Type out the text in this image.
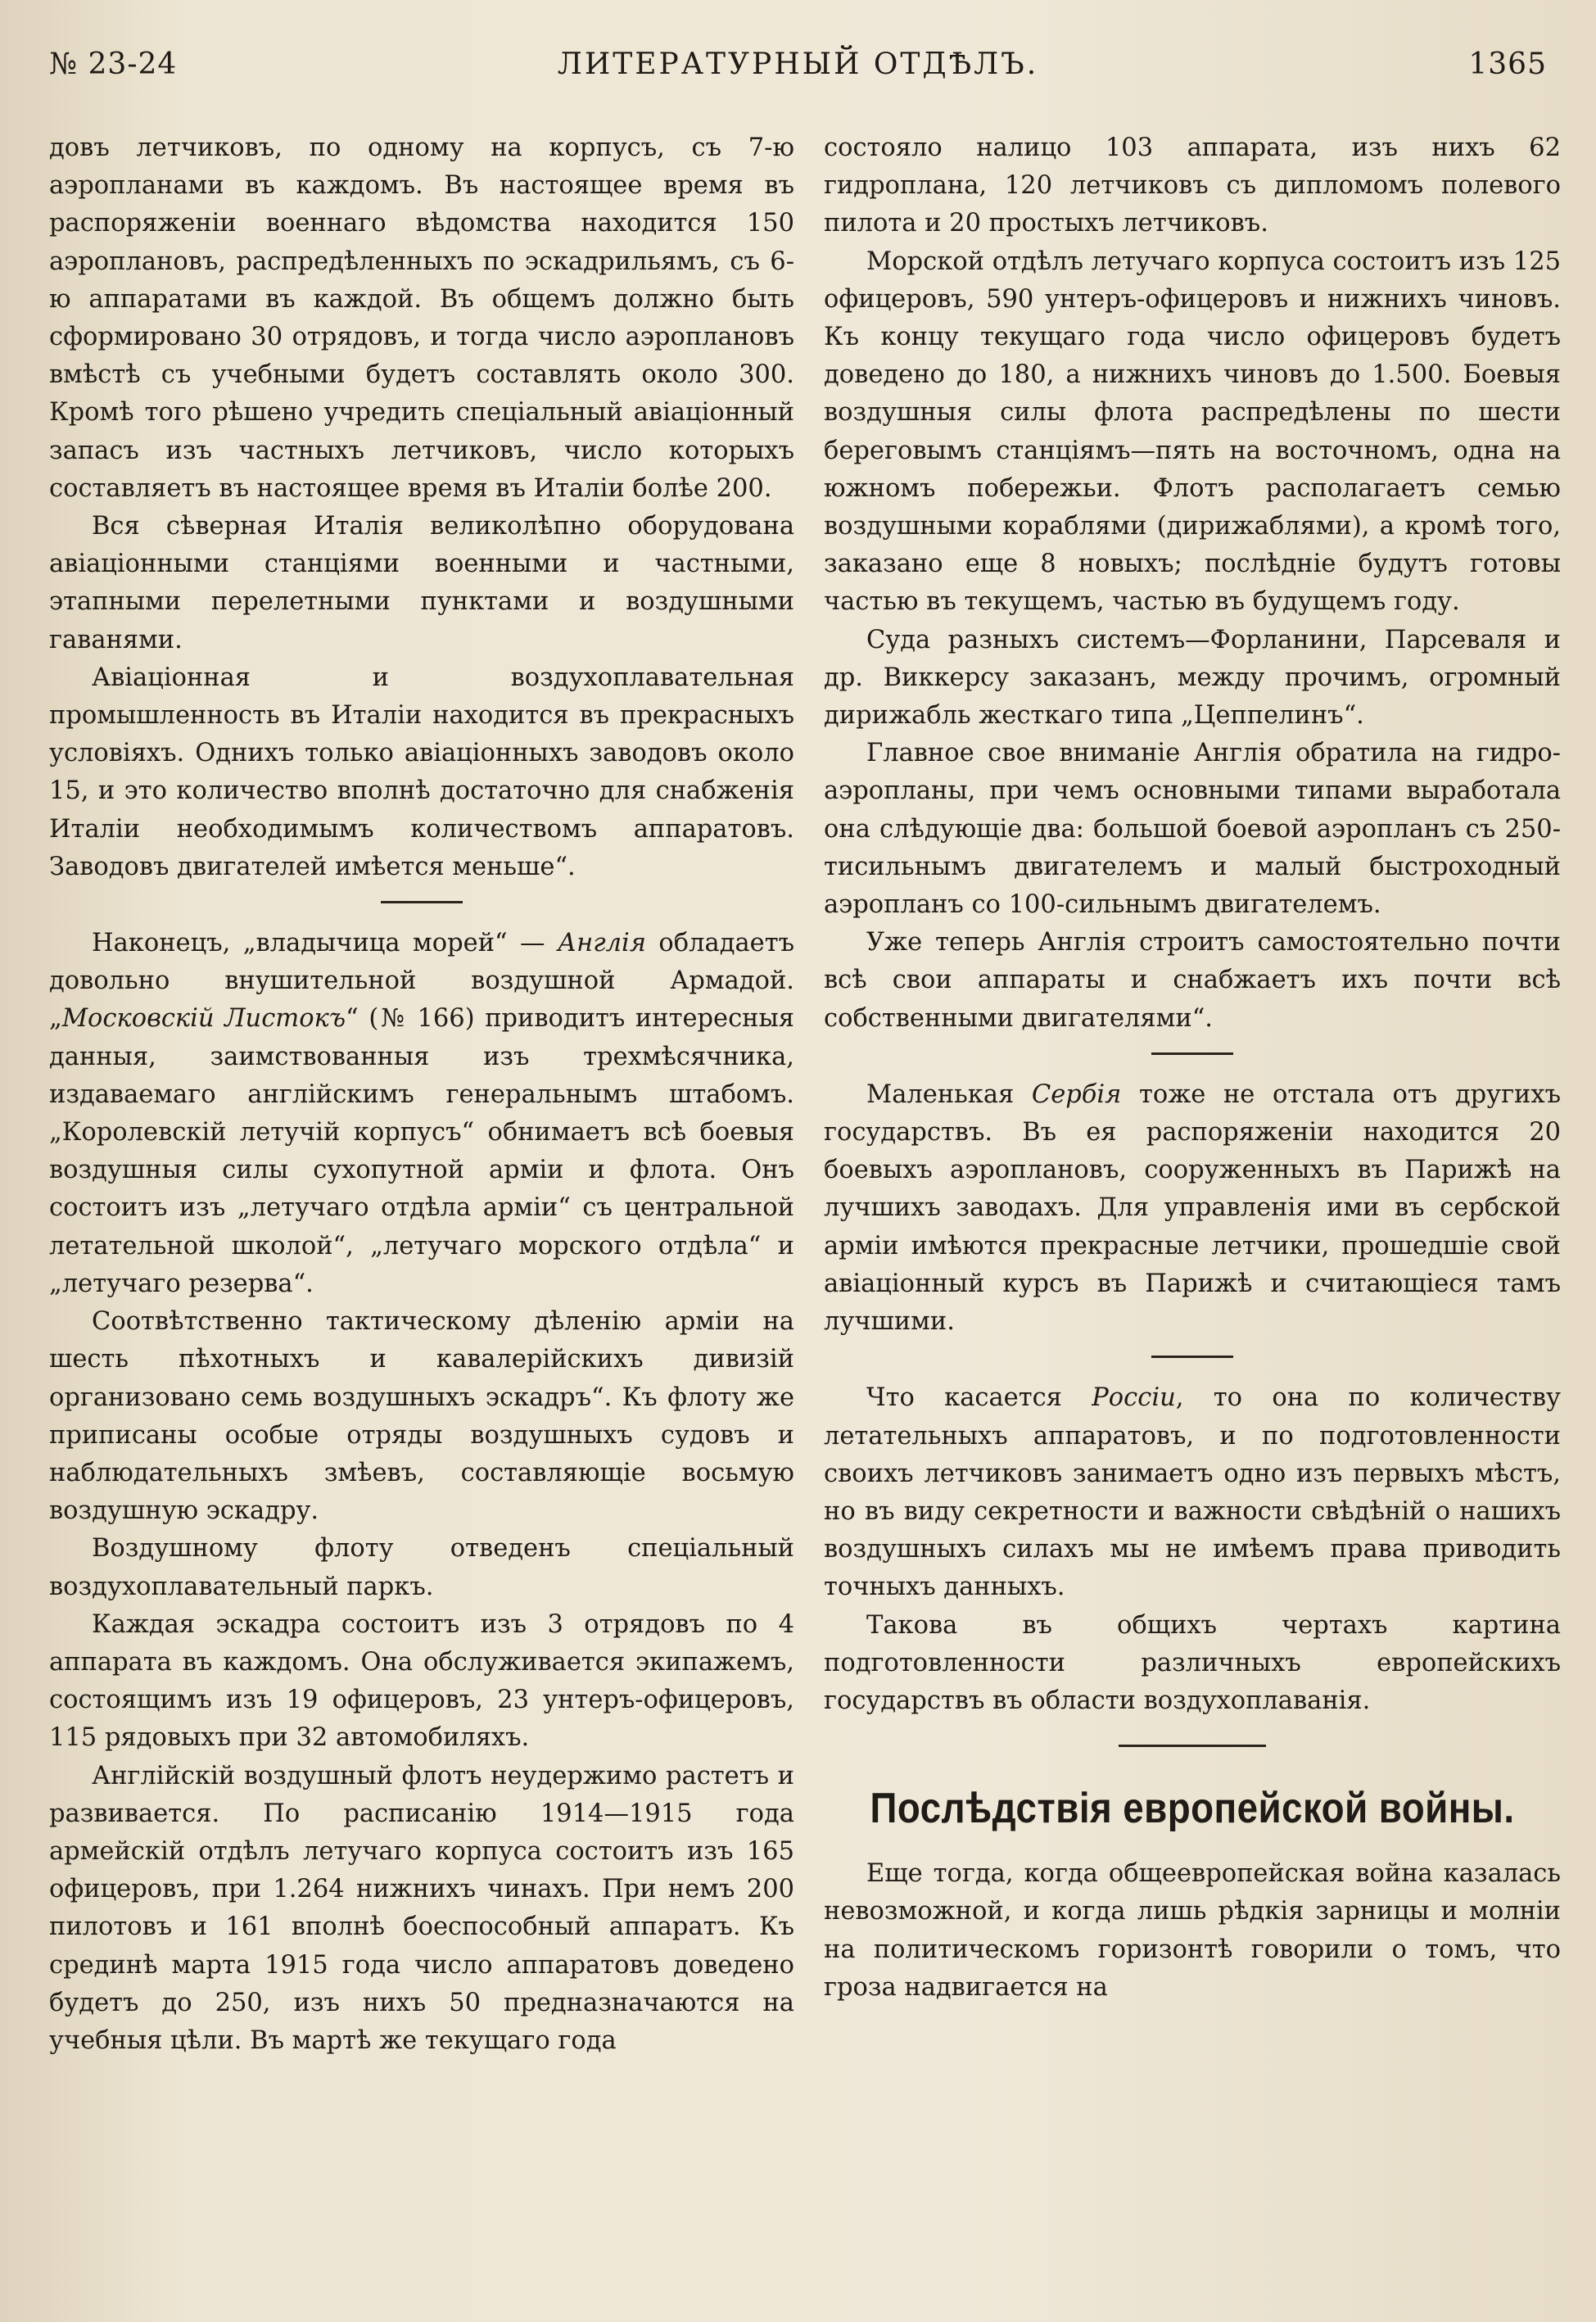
№ 23-24	ЛИТЕРАТУРНЫЙ ОТДѢЛЪ.	1365

довъ летчиковъ, по одному на корпусъ, съ 7-ю аэропланами въ каждомъ. Въ настоящее время въ распоряженіи военнаго вѣдомства находится 150 аэроплановъ, распредѣленныхъ по эскадрильямъ, съ 6-ю аппаратами въ каждой. Въ общемъ должно быть сформировано 30 отрядовъ, и тогда число аэроплановъ вмѣстѣ съ учебными будетъ составлять около 300. Кромѣ того рѣшено учредить спеціальный авіаціонный запасъ изъ частныхъ летчиковъ, число которыхъ составляетъ въ настоящее время въ Италіи болѣе 200.

Вся сѣверная Италія великолѣпно оборудована авіаціонными станціями военными и частными, этапными перелетными пунктами и воздушными гаванями.

Авіаціонная и воздухоплавательная промышленность въ Италіи находится въ прекрасныхъ условіяхъ. Однихъ только авіаціонныхъ заводовъ около 15, и это количество вполнѣ достаточно для снабженія Италіи необходимымъ количествомъ аппаратовъ. Заводовъ двигателей имѣется меньше“.

Наконецъ, „владычица морей“ — Англія обладаетъ довольно внушительной воздушной Армадой. „Московскій Листокъ“ (№ 166) приводитъ интересныя данныя, заимствованныя изъ трехмѣсячника, издаваемаго англійскимъ генеральнымъ штабомъ. „Королевскій летучій корпусъ“ обнимаетъ всѣ боевыя воздушныя силы сухопутной арміи и флота. Онъ состоитъ изъ „летучаго отдѣла арміи“ съ центральной летательной школой“, „летучаго морского отдѣла“ и „летучаго резерва“.

Соотвѣтственно тактическому дѣленію арміи на шесть пѣхотныхъ и кавалерійскихъ дивизій организовано семь воздушныхъ эскадръ“. Къ флоту же приписаны особые отряды воздушныхъ судовъ и наблюдательныхъ змѣевъ, составляющіе восьмую воздушную эскадру.

Воздушному флоту отведенъ спеціальный воздухоплавательный паркъ.

Каждая эскадра состоитъ изъ 3 отрядовъ по 4 аппарата въ каждомъ. Она обслуживается экипажемъ, состоящимъ изъ 19 офицеровъ, 23 унтеръ-офицеровъ, 115 рядовыхъ при 32 автомобиляхъ.

Англійскій воздушный флотъ неудержимо растетъ и развивается. По расписанію 1914—1915 года армейскій отдѣлъ летучаго корпуса состоитъ изъ 165 офицеровъ, при 1.264 нижнихъ чинахъ. При немъ 200 пилотовъ и 161 вполнѣ боеспособный аппаратъ. Къ срединѣ марта 1915 года число аппаратовъ доведено будетъ до 250, изъ нихъ 50 предназначаются на учебныя цѣли. Въ мартѣ же текущаго года

состояло налицо 103 аппарата, изъ нихъ 62 гидроплана, 120 летчиковъ съ дипломомъ полевого пилота и 20 простыхъ летчиковъ.

Морской отдѣлъ летучаго корпуса состоитъ изъ 125 офицеровъ, 590 унтеръ-офицеровъ и нижнихъ чиновъ. Къ концу текущаго года число офицеровъ будетъ доведено до 180, а нижнихъ чиновъ до 1.500. Боевыя воздушныя силы флота распредѣлены по шести береговымъ станціямъ—пять на восточномъ, одна на южномъ побережьи. Флотъ располагаетъ семью воздушными кораблями (дирижаблями), а кромѣ того, заказано еще 8 новыхъ; послѣдніе будутъ готовы частью въ текущемъ, частью въ будущемъ году.

Суда разныхъ системъ—Форланини, Парсеваля и др. Виккерсу заказанъ, между прочимъ, огромный дирижабль жесткаго типа „Цеппелинъ“.

Главное свое вниманіе Англія обратила на гидро-аэропланы, при чемъ основными типами выработала она слѣдующіе два: большой боевой аэропланъ съ 250-тисильнымъ двигателемъ и малый быстроходный аэропланъ со 100-сильнымъ двигателемъ.

Уже теперь Англія строитъ самостоятельно почти всѣ свои аппараты и снабжаетъ ихъ почти всѣ собственными двигателями“.

Маленькая Сербія тоже не отстала отъ другихъ государствъ. Въ ея распоряженіи находится 20 боевыхъ аэроплановъ, сооруженныхъ въ Парижѣ на лучшихъ заводахъ. Для управленія ими въ сербской арміи имѣются прекрасные летчики, прошедшіе свой авіаціонный курсъ въ Парижѣ и считающіеся тамъ лучшими.

Что касается Россіи, то она по количеству летательныхъ аппаратовъ, и по подготовленности своихъ летчиковъ занимаетъ одно изъ первыхъ мѣстъ, но въ виду секретности и важности свѣдѣній о нашихъ воздушныхъ силахъ мы не имѣемъ права приводить точныхъ данныхъ.

Такова въ общихъ чертахъ картина подготовленности различныхъ европейскихъ государствъ въ области воздухоплаванія.

Послѣдствія европейской войны.

Еще тогда, когда общеевропейская война казалась невозможной, и когда лишь рѣдкія зарницы и молніи на политическомъ горизонтѣ говорили о томъ, что гроза надвигается на
